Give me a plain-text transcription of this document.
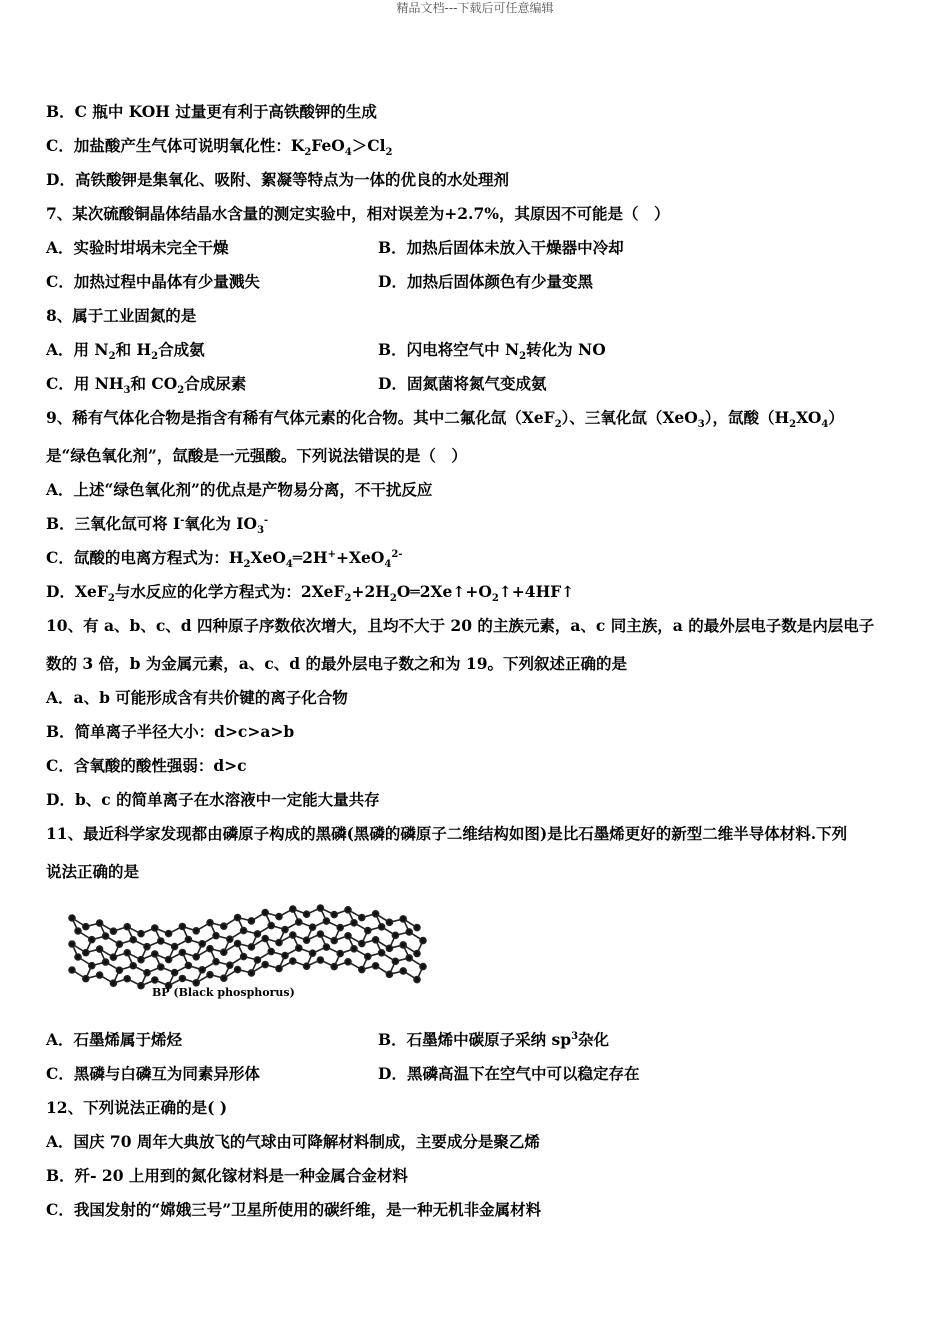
精品文档---下载后可任意编辑
B．C 瓶中 KOH 过量更有利于高铁酸钾的生成
C．加盐酸产生气体可说明氧化性：$K_2FeO_4>Cl_2$
D．高铁酸钾是集氧化、吸附、絮凝等特点为一体的优良的水处理剂
7、某次硫酸铜晶体结晶水含量的测定实验中，相对误差为+2.7%，其原因不可能是（　）
A．实验时坩埚未完全干燥	B．加热后固体未放入干燥器中冷却
C．加热过程中晶体有少量溅失	D．加热后固体颜色有少量变黑
8、属于工业固氮的是
A．用 $N_2$和 $H_2$合成氨	B．闪电将空气中 $N_2$转化为 NO
C．用 $NH_3$和 $CO_2$合成尿素	D．固氮菌将氮气变成氨
9、稀有气体化合物是指含有稀有气体元素的化合物。其中二氟化氙（XeF$_2$）、三氧化氙（XeO$_3$），氙酸$(H_2XO_4)$
是“绿色氧化剂”，氙酸是一元强酸。下列说法错误的是（　）
A．上述“绿色氧化剂”的优点是产物易分离，不干扰反应
B．三氧化氙可将 I-氧化为 $IO_3^-$
C．氙酸的电离方程式为：$H_2XeO_4═2H^++XeO_4^{2-}$
D．XeF$_2$与水反应的化学方程式为：$2XeF_2+2H_2O═2Xe↑+O_2↑+4HF↑$
10、有 a、b、c、d 四种原子序数依次增大，且均不大于 20 的主族元素，a、c 同主族，a 的最外层电子数是内层电子
数的 3 倍，b 为金属元素，a、c、d 的最外层电子数之和为 19。下列叙述正确的是
A．a、b 可能形成含有共价键的离子化合物
B．简单离子半径大小：d>c>a>b
C．含氧酸的酸性强弱：d>c
D．b、c 的简单离子在水溶液中一定能大量共存
11、最近科学家发现都由磷原子构成的黑磷(黑磷的磷原子二维结构如图)是比石墨烯更好的新型二维半导体材料.下列
说法正确的是
BP (Black phosphorus)
A．石墨烯属于烯烃	B．石墨烯中碳原子采纳 $sp^3$杂化
C．黑磷与白磷互为同素异形体	D．黑磷高温下在空气中可以稳定存在
12、下列说法正确的是( )
A．国庆 70 周年大典放飞的气球由可降解材料制成，主要成分是聚乙烯
B．歼- 20 上用到的氮化镓材料是一种金属合金材料
C．我国发射的“嫦娥三号”卫星所使用的碳纤维，是一种无机非金属材料
